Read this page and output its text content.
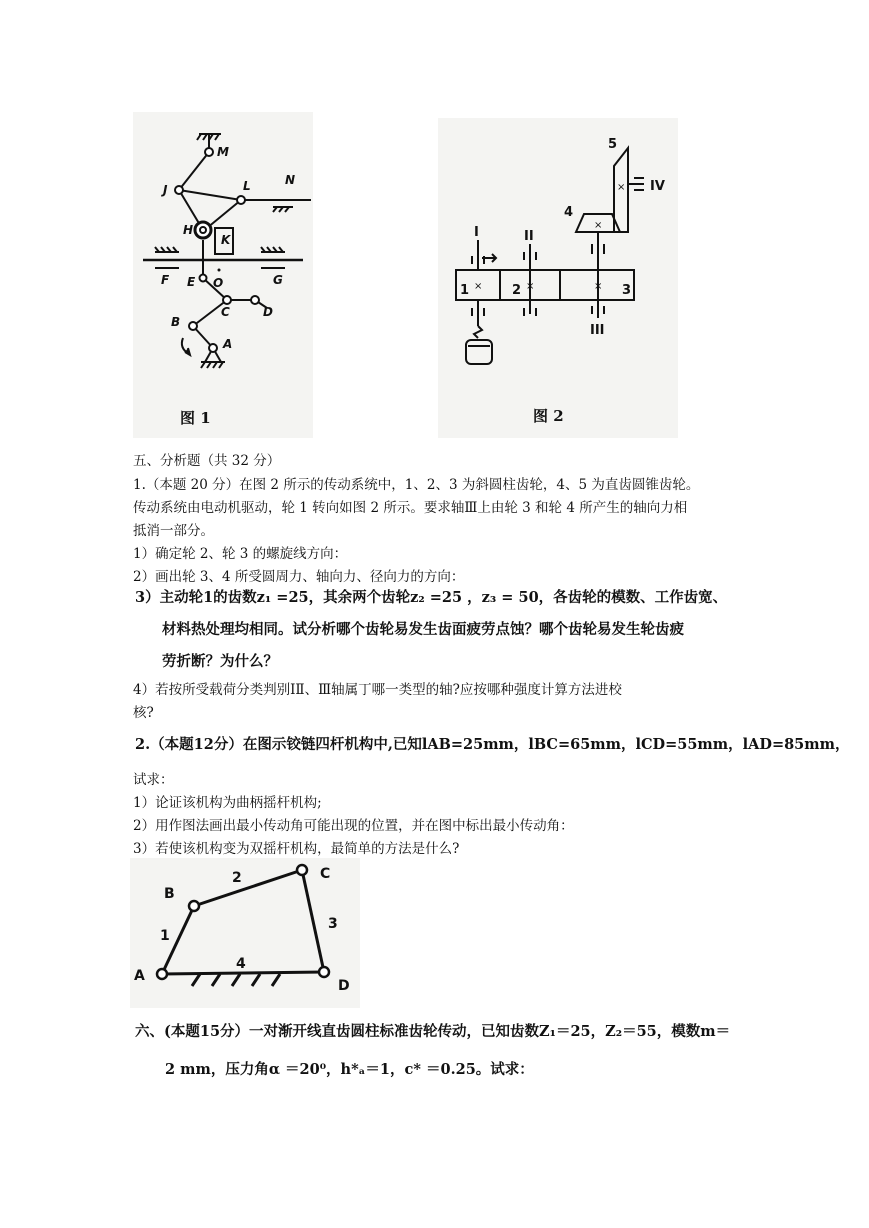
M
J	L	N
H
K
F	G
E O
C	D
B
A
图 1
I	II
III
IV
1	2	3
4
5
×	×	×
×
×
图 2
五、分析题（共 32 分）
1.（本题 20 分）在图 2 所示的传动系统中，1、2、3 为斜圆柱齿轮，4、5 为直齿圆锥齿轮。
传动系统由电动机驱动，轮 1 转向如图 2 所示。要求轴Ⅲ上由轮 3 和轮 4 所产生的轴向力相
抵消一部分。
1）确定轮 2、轮 3 的螺旋线方向：
2）画出轮 3、4 所受圆周力、轴向力、径向力的方向：
3）主动轮1的齿数z₁ =25，其余两个齿轮z₂ =25 ，z₃ = 50，各齿轮的模数、工作齿宽、
材料热处理均相同。试分析哪个齿轮易发生齿面疲劳点蚀？哪个齿轮易发生轮齿疲
劳折断？为什么？
4）若按所受载荷分类判别ⅠⅡ、Ⅲ轴属丁哪一类型的轴?应按哪种强度计算方法进校
核?
2.（本题12分）在图示铰链四杆机构中,已知lAB=25mm，lBC=65mm，lCD=55mm，lAD=85mm，
试求：
1）论证该机构为曲柄摇杆机构;
2）用作图法画出最小传动角可能出现的位置，并在图中标出最小传动角：
3）若使该机构变为双摇杆机构，最简单的方法是什么?
A
B
C
D
1
2
3
4
六、(本题15分）一对渐开线直齿圆柱标准齿轮传动，已知齿数Z₁＝25，Z₂＝55，模数m＝
2 mm，压力角α ＝20⁰，h*ₐ＝1，c* ＝0.25。试求：
